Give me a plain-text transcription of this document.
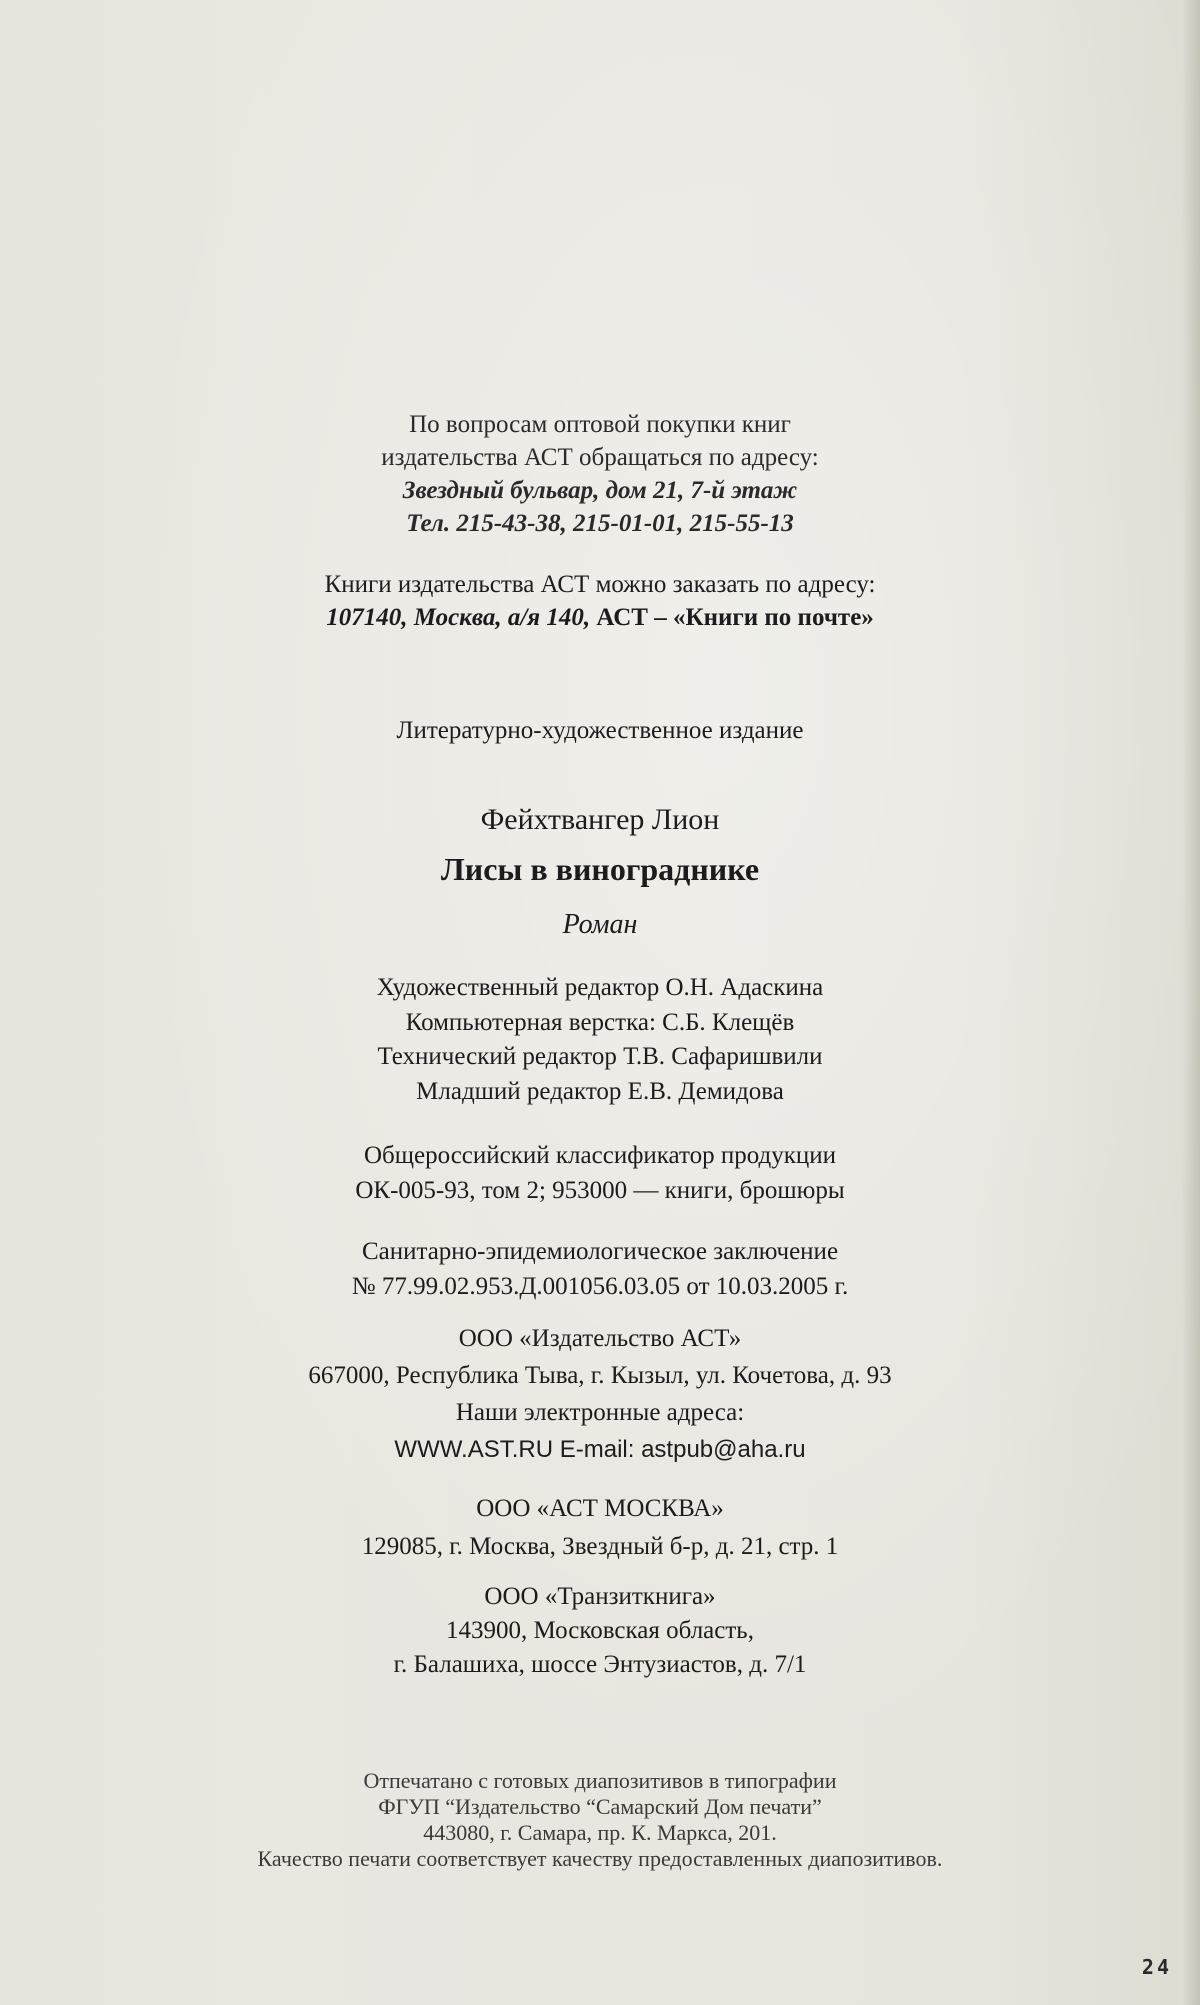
По вопросам оптовой покупки книг
издательства АСТ обращаться по адресу:
Звездный бульвар, дом 21, 7-й этаж
Тел. 215-43-38, 215-01-01, 215-55-13
Книги издательства АСТ можно заказать по адресу:
107140, Москва, а/я 140, АСТ – «Книги по почте»
Литературно-художественное издание
Фейхтвангер Лион
Лисы в винограднике
Роман
Художественный редактор О.Н. Адаскина
Компьютерная верстка: С.Б. Клещёв
Технический редактор Т.В. Сафаришвили
Младший редактор Е.В. Демидова
Общероссийский классификатор продукции
ОК-005-93, том 2; 953000 — книги, брошюры
Санитарно-эпидемиологическое заключение
№ 77.99.02.953.Д.001056.03.05 от 10.03.2005 г.
ООО «Издательство АСТ»
667000, Республика Тыва, г. Кызыл, ул. Кочетова, д. 93
Наши электронные адреса:
WWW.AST.RU E-mail: astpub@aha.ru
ООО «АСТ МОСКВА»
129085, г. Москва, Звездный б-р, д. 21, стр. 1
ООО «Транзиткнига»
143900, Московская область,
г. Балашиха, шоссе Энтузиастов, д. 7/1
Отпечатано с готовых диапозитивов в типографии
ФГУП “Издательство “Самарский Дом печати”
443080, г. Самара, пр. К. Маркса, 201.
Качество печати соответствует качеству предоставленных диапозитивов.
24
